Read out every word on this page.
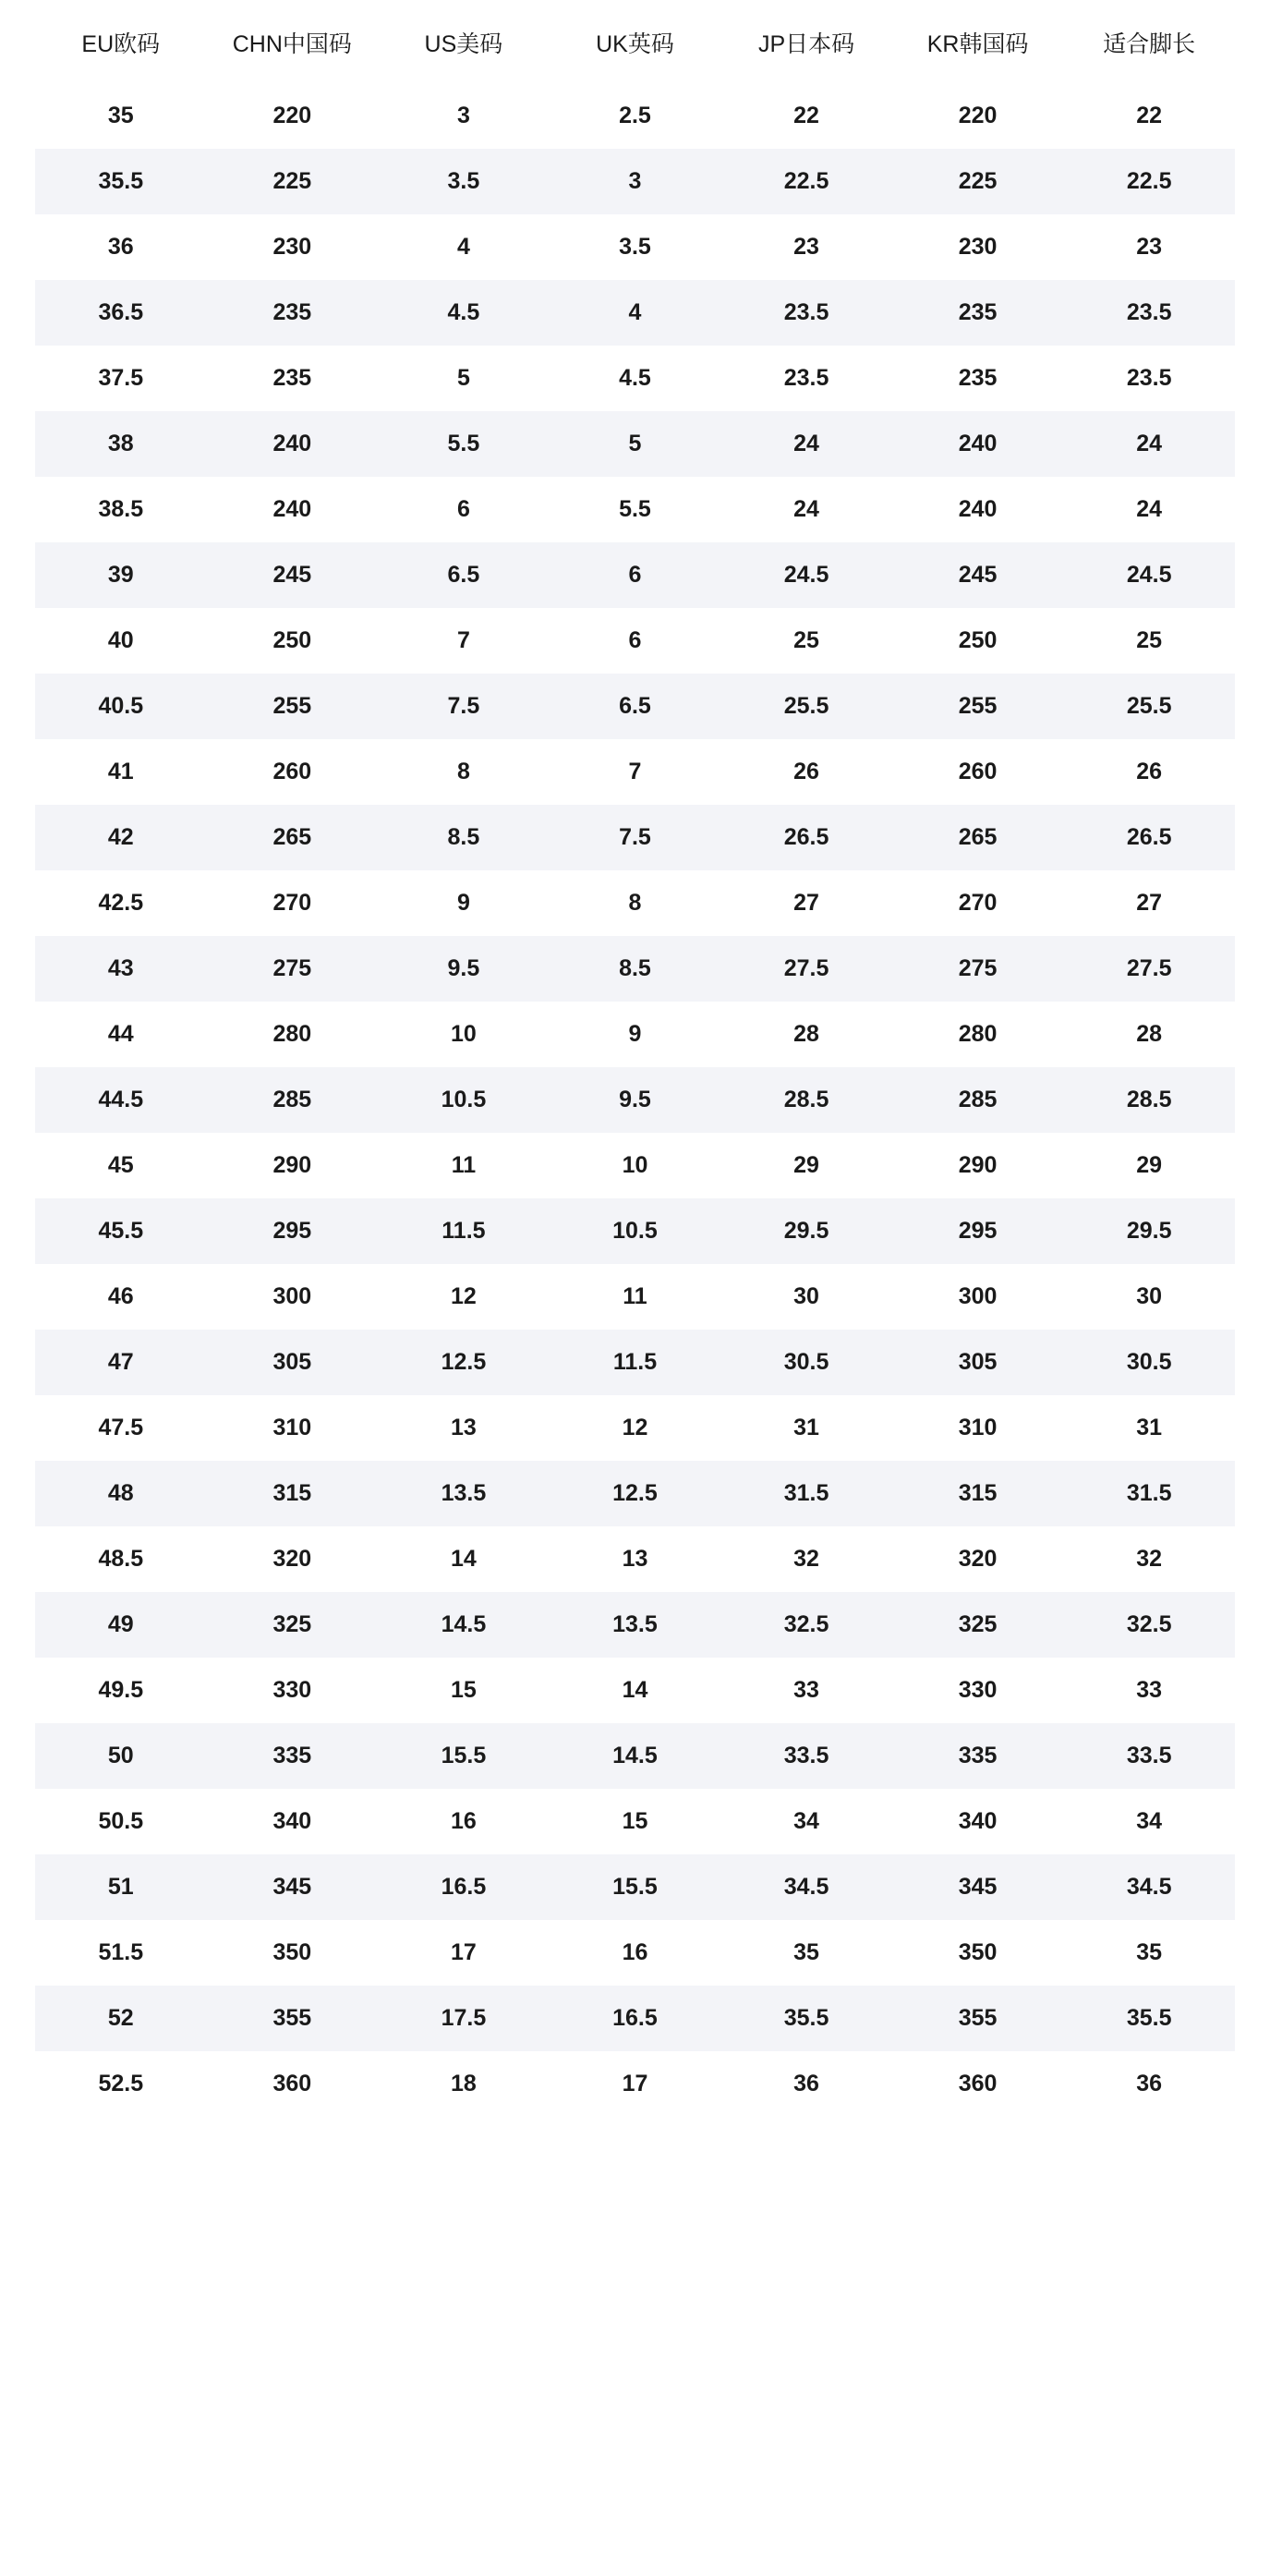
EU欧码	CHN中国码	US美码	UK英码	JP日本码	KR韩国码	适合脚长
35	220	3	2.5	22	220	22
35.5	225	3.5	3	22.5	225	22.5
36	230	4	3.5	23	230	23
36.5	235	4.5	4	23.5	235	23.5
37.5	235	5	4.5	23.5	235	23.5
38	240	5.5	5	24	240	24
38.5	240	6	5.5	24	240	24
39	245	6.5	6	24.5	245	24.5
40	250	7	6	25	250	25
40.5	255	7.5	6.5	25.5	255	25.5
41	260	8	7	26	260	26
42	265	8.5	7.5	26.5	265	26.5
42.5	270	9	8	27	270	27
43	275	9.5	8.5	27.5	275	27.5
44	280	10	9	28	280	28
44.5	285	10.5	9.5	28.5	285	28.5
45	290	11	10	29	290	29
45.5	295	11.5	10.5	29.5	295	29.5
46	300	12	11	30	300	30
47	305	12.5	11.5	30.5	305	30.5
47.5	310	13	12	31	310	31
48	315	13.5	12.5	31.5	315	31.5
48.5	320	14	13	32	320	32
49	325	14.5	13.5	32.5	325	32.5
49.5	330	15	14	33	330	33
50	335	15.5	14.5	33.5	335	33.5
50.5	340	16	15	34	340	34
51	345	16.5	15.5	34.5	345	34.5
51.5	350	17	16	35	350	35
52	355	17.5	16.5	35.5	355	35.5
52.5	360	18	17	36	360	36
